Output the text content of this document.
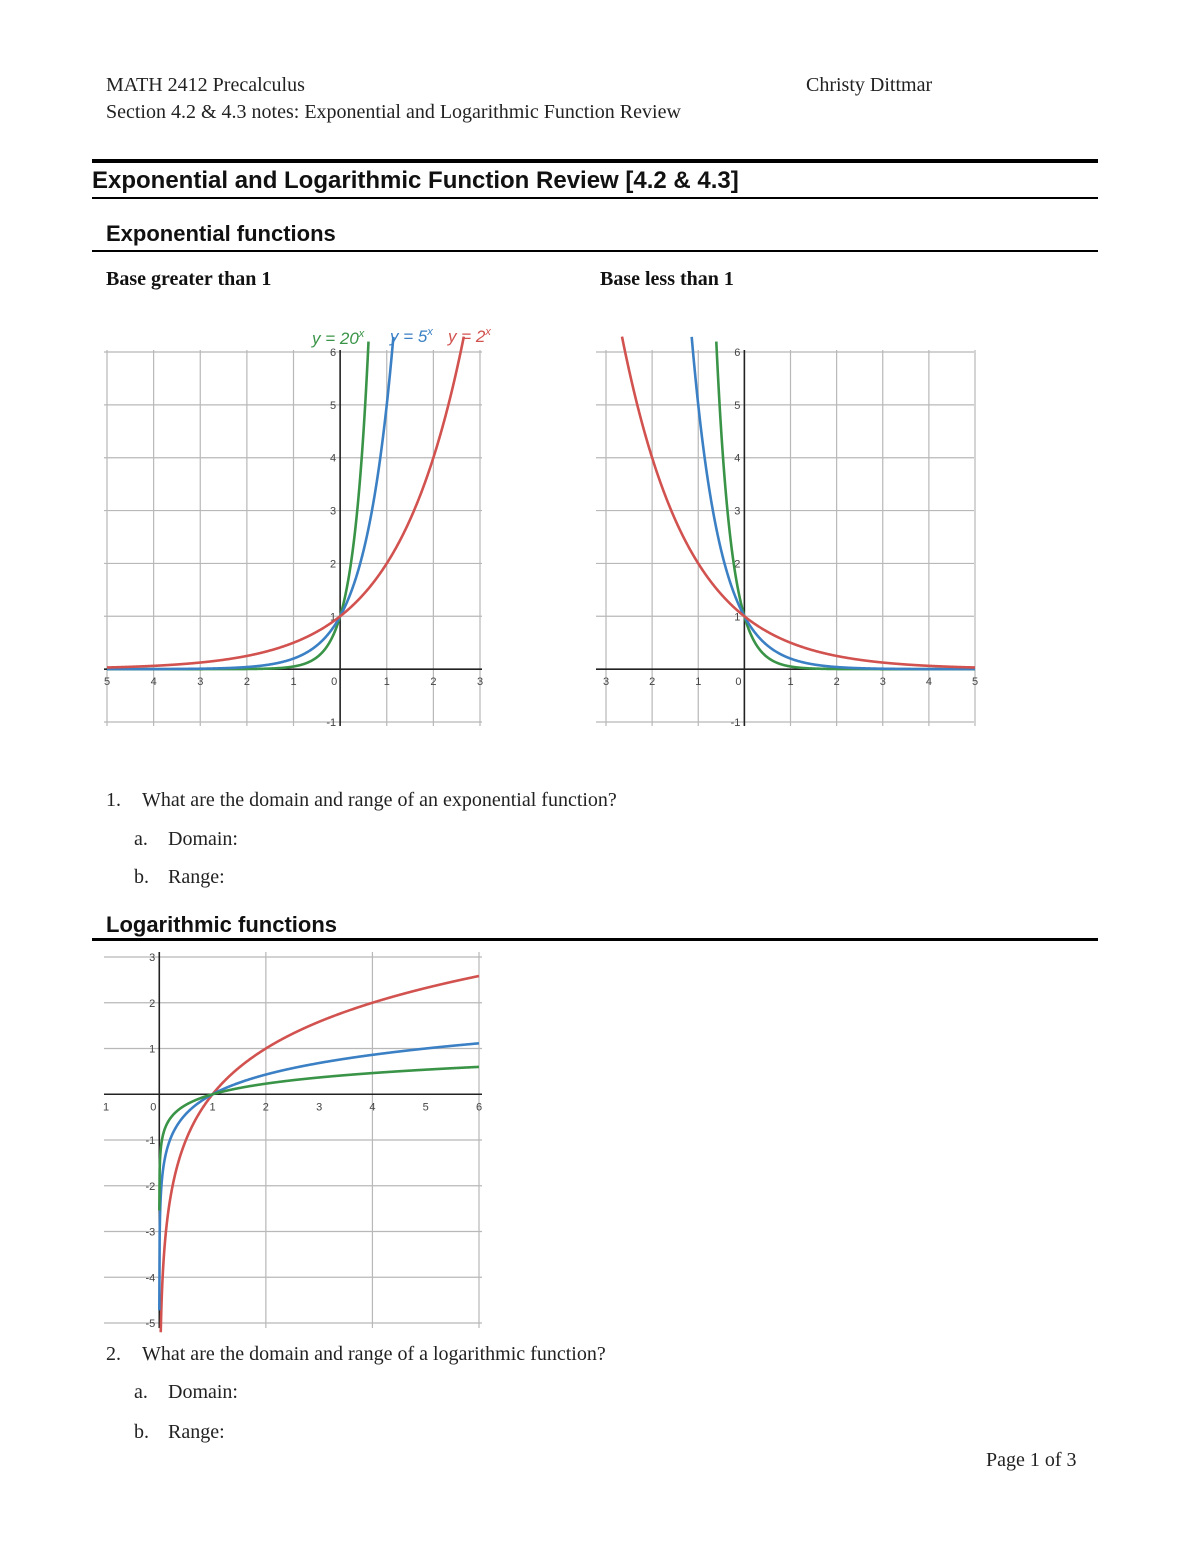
MATH 2412 Precalculus	Christy Dittmar
Section 4.2 & 4.3 notes: Exponential and Logarithmic Function Review
Exponential and Logarithmic Function Review [4.2 & 4.3]
Exponential functions
Base greater than 1	Base less than 1
5	4	3	2	1	0	1	2	3
-1
1
2
3
4
5
6
$y = 20^x$ $y = 5^x$ $y = 2^x$
3	2	1	0	1	2	3	4	5
-1
1
2
3
4
5
6
1. What are the domain and range of an exponential function?
a. Domain:
b. Range:
Logarithmic functions
1	0	1	2	3	4	5	6
-5
-4
-3
-2
-1
1
2
3
2. What are the domain and range of a logarithmic function?
a. Domain:
b. Range:
Page 1 of 3
